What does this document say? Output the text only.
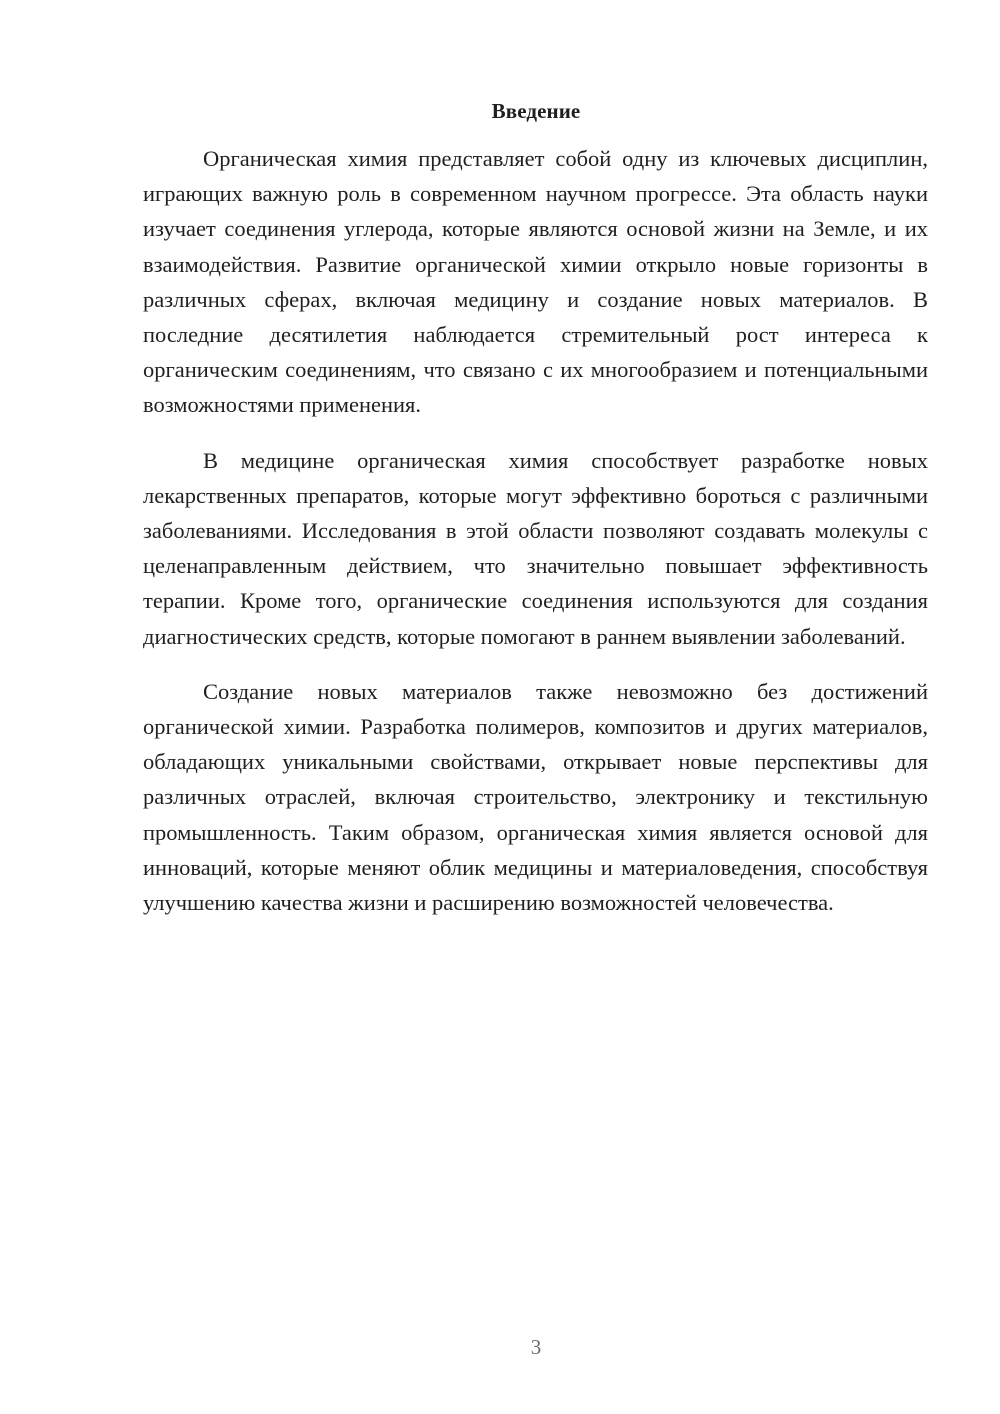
Введение

Органическая химия представляет собой одну из ключевых дисциплин, играющих важную роль в современном научном прогрессе. Эта область науки изучает соединения углерода, которые являются основой жизни на Земле, и их взаимодействия. Развитие органической химии открыло новые горизонты в различных сферах, включая медицину и создание новых материалов. В последние десятилетия наблюдается стремительный рост интереса к органическим соединениям, что связано с их многообразием и потенциальными возможностями применения.

В медицине органическая химия способствует разработке новых лекарственных препаратов, которые могут эффективно бороться с различными заболеваниями. Исследования в этой области позволяют создавать молекулы с целенаправленным действием, что значительно повышает эффективность терапии. Кроме того, органические соединения используются для создания диагностических средств, которые помогают в раннем выявлении заболеваний.

Создание новых материалов также невозможно без достижений органической химии. Разработка полимеров, композитов и других материалов, обладающих уникальными свойствами, открывает новые перспективы для различных отраслей, включая строительство, электронику и текстильную промышленность. Таким образом, органическая химия является основой для инноваций, которые меняют облик медицины и материаловедения, способствуя улучшению качества жизни и расширению возможностей человечества.

3
